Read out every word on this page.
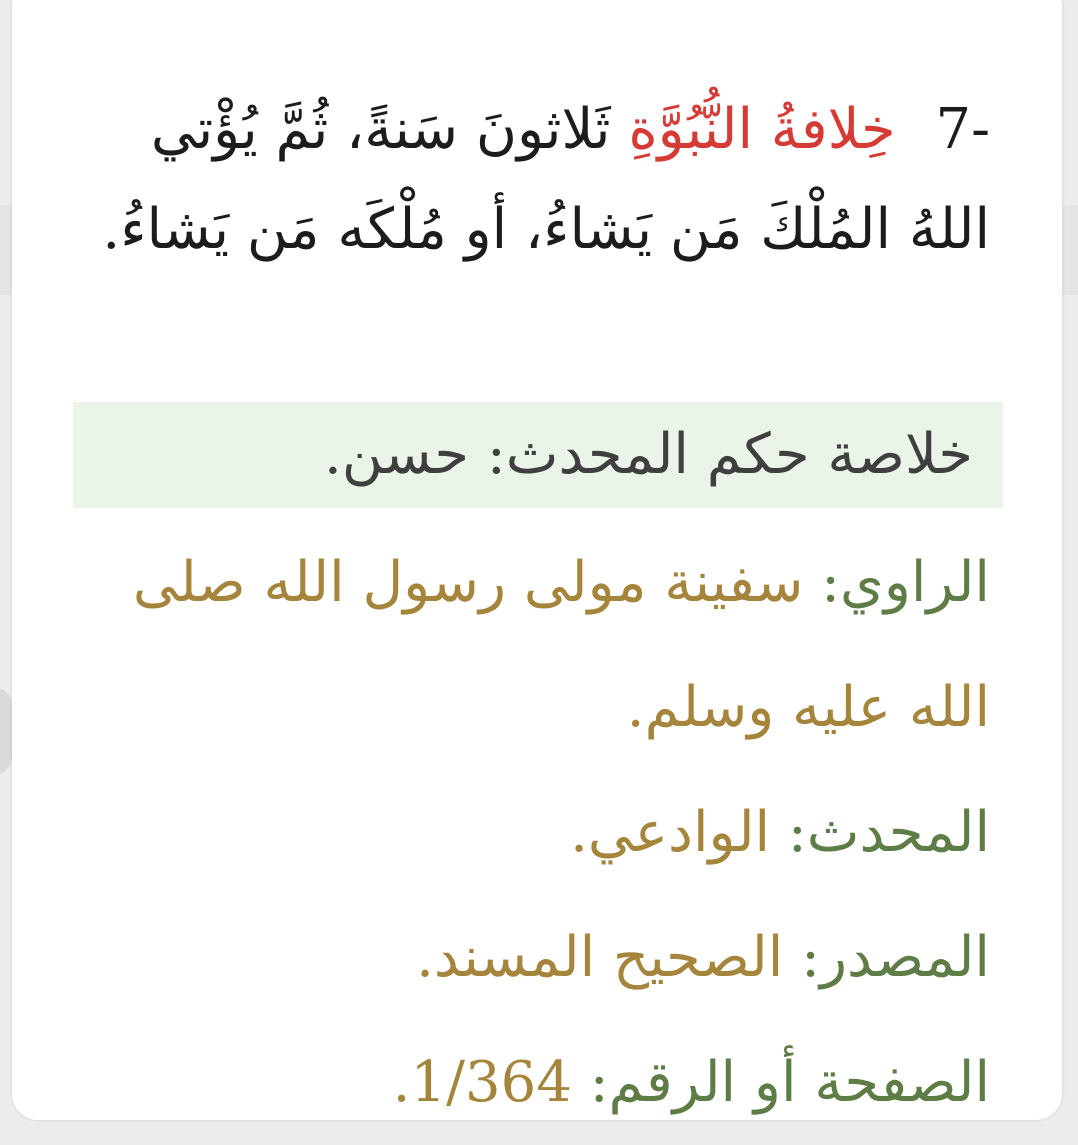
7- خِلافةُ النُّبُوَّةِ ثَلاثونَ سَنةً، ثُمَّ يُؤْتي اللهُ المُلْكَ مَن يَشاءُ، أو مُلْكَه مَن يَشاءُ.

خلاصة حكم المحدث: حسن.
الراوي: سفينة مولى رسول الله صلى الله عليه وسلم.
المحدث: الوادعي.
المصدر: الصحيح المسند.
الصفحة أو الرقم: 1/364.
